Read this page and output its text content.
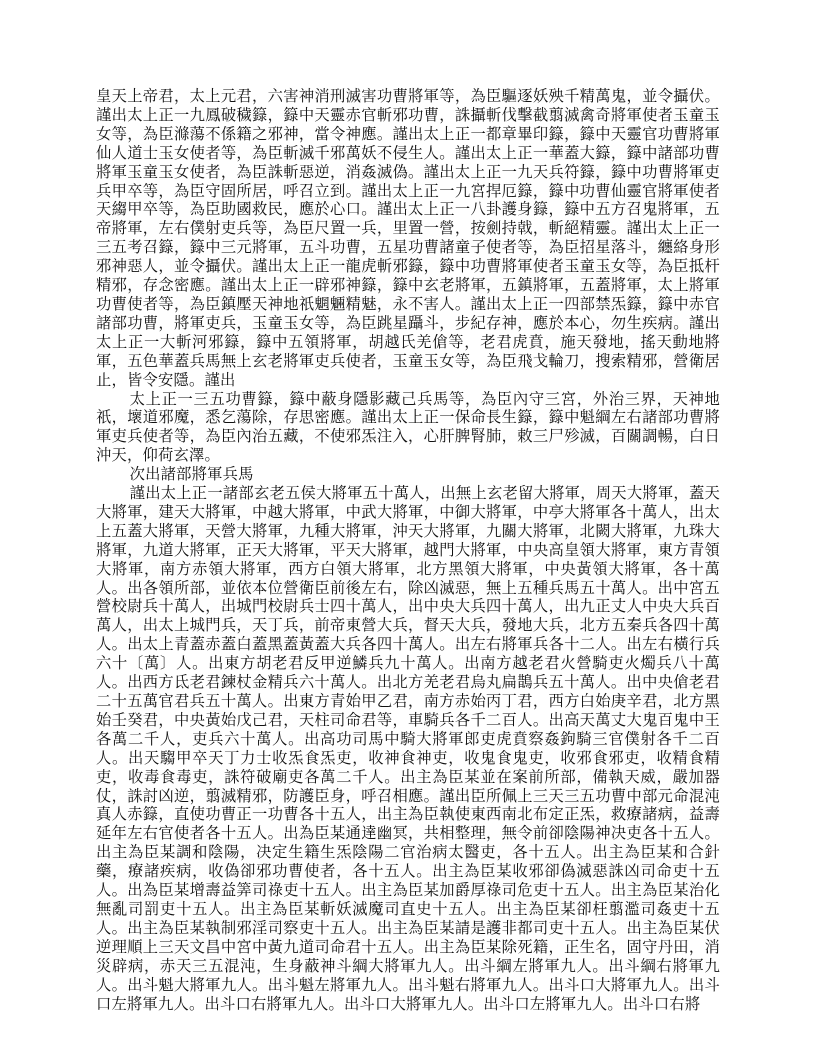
皇天上帝君，太上元君，六害神消刑滅害功曹將軍等，為臣驅逐妖殃千精萬鬼，並令攝伏。謹出太上正一九鳳破穢籙，籙中天靈赤官斬邪功曹，誅攝斬伐擊截翦滅禽奇將軍使者玉童玉女等，為臣滌蕩不係籍之邪神，當令神應。謹出太上正一都章畢印籙，籙中天靈官功曹將軍仙人道士玉女使者等，為臣斬滅千邪萬妖不侵生人。謹出太上正一華蓋大籙，籙中諸部功曹將軍玉童玉女使者，為臣誅斬惡逆，消姦滅偽。謹出太上正一九天兵符籙，籙中功曹將軍吏兵甲卒等，為臣守固所居，呼召立到。謹出太上正一九宮捍厄籙，籙中功曹仙靈官將軍使者天縐甲卒等，為臣助國救民，應於心口。謹出太上正一八卦護身籙，籙中五方召鬼將軍，五帝將軍，左右僕射吏兵等，為臣尺置一兵，里置一營，按劍持戟，斬絕精靈。謹出太上正一三五考召籙，籙中三元將軍，五斗功曹，五星功曹諸童子使者等，為臣招星落斗，纏絡身形邪神惡人，並令攝伏。謹出太上正一龍虎斬邪籙，籙中功曹將軍使者玉童玉女等，為臣抵杆精邪，存念密應。謹出太上正一辟邪神籙，籙中玄老將軍，五鎮將軍，五蓋將軍，太上將軍功曹使者等，為臣鎮壓天神地祇魍魎精魅，永不害人。謹出太上正一四部禁炁籙，籙中赤官諸部功曹，將軍吏兵，玉童玉女等，為臣跳星躡斗，步紀存神，應於本心，勿生疾病。謹出太上正一大斬河邪籙，籙中五領將軍，胡越氏羌傖等，老君虎賁，施天發地，搖天動地將軍，五色華蓋兵馬無上玄老將軍吏兵使者，玉童玉女等，為臣飛戈輪刀，搜索精邪，營衛居止，皆令安隱。謹出

太上正一三五功曹籙，籙中蔽身隱影藏己兵馬等，為臣內守三宮，外治三界，天神地祇，壞道邪魔，悉乞蕩除，存思密應。謹出太上正一保命長生籙，籙中魁綱左右諸部功曹將軍吏兵使者等，為臣內治五藏，不使邪炁注入，心肝脾腎肺，敕三尸殄滅，百關調暢，白日沖天，仰荷玄澤。

次出諸部將軍兵馬

謹出太上正一諸部玄老五侯大將軍五十萬人，出無上玄老留大將軍，周天大將軍，蓋天大將軍，建天大將軍，中越大將軍，中武大將軍，中御大將軍，中亭大將軍各十萬人，出太上五蓋大將軍，天營大將軍，九種大將軍，沖天大將軍，九關大將軍，北闕大將軍，九珠大將軍，九道大將軍，正天大將軍，平天大將軍，越門大將軍，中央高皇領大將軍，東方青領大將軍，南方赤領大將軍，西方白領大將軍，北方黑領大將軍，中央黃領大將軍，各十萬人。出各領所部，並依本位營衛臣前後左右，除凶滅惡，無上五種兵馬五十萬人。出中宮五營校尉兵十萬人，出城門校尉兵士四十萬人，出中央大兵四十萬人，出九正丈人中央大兵百萬人，出太上城門兵，天丁兵，前帝東營大兵，督天大兵，發地大兵，北方五秦兵各四十萬人。出太上青蓋赤蓋白蓋黑蓋黃蓋大兵各四十萬人。出左右將軍兵各十二人。出左右橫行兵六十〔萬〕人。出東方胡老君反甲逆鱗兵九十萬人。出南方越老君火營騎吏火燭兵八十萬人。出西方氐老君鍊杖金精兵六十萬人。出北方羌老君烏丸扁鵲兵五十萬人。出中央傖老君二十五萬官君兵五十萬人。出東方青始甲乙君，南方赤始丙丁君，西方白始庚辛君，北方黑始壬癸君，中央黃始戊己君，天柱司命君等，車騎兵各千二百人。出高天萬丈大鬼百鬼中王各萬二千人，吏兵六十萬人。出高功司馬中騎大將軍郎吏虎賁察姦鉤騎三官僕射各千二百人。出天騶甲卒天丁力士收炁食炁吏，收神食神吏，收鬼食鬼吏，收邪食邪吏，收精食精吏，收毒食毒吏，誅符破廟吏各萬二千人。出主為臣某並在案前所部，備執天威，嚴加器仗，誅討凶逆，翦滅精邪，防護臣身，呼召相應。謹出臣所佩上三天三五功曹中部元命混沌真人赤籙，直使功曹正一功曹各十五人，出主為臣執使東西南北布定正炁，救療諸病，益壽延年左右官使者各十五人。出為臣某通達幽冥，共相整理，無令前卻陰陽神决吏各十五人。出主為臣某調和陰陽，决定生籍生炁陰陽二官治病太醫吏，各十五人。出主為臣某和合針藥，療諸疾病，收偽卻邪功曹使者，各十五人。出主為臣某收邪卻偽滅惡誅凶司命吏十五人。出為臣某增壽益筭司祿吏十五人。出主為臣某加爵厚祿司危吏十五人。出主為臣某治化無亂司罰吏十五人。出主為臣某斬妖滅魔司直史十五人。出主為臣某卻枉翦濫司姦吏十五人。出主為臣某執制邪淫司察吏十五人。出主為臣某請是護非都司吏十五人。出主為臣某伏逆理順上三天文昌中宮中黃九道司命君十五人。出主為臣某除死籍，正生名，固守丹田，消災辟病，赤天三五混沌，生身蔽神斗綱大將軍九人。出斗綱左將軍九人。出斗綱右將軍九人。出斗魁大將軍九人。出斗魁左將軍九人。出斗魁右將軍九人。出斗口大將軍九人。出斗口左將軍九人。出斗口右將軍九人。出斗口大將軍九人。出斗口左將軍九人。出斗口右將
